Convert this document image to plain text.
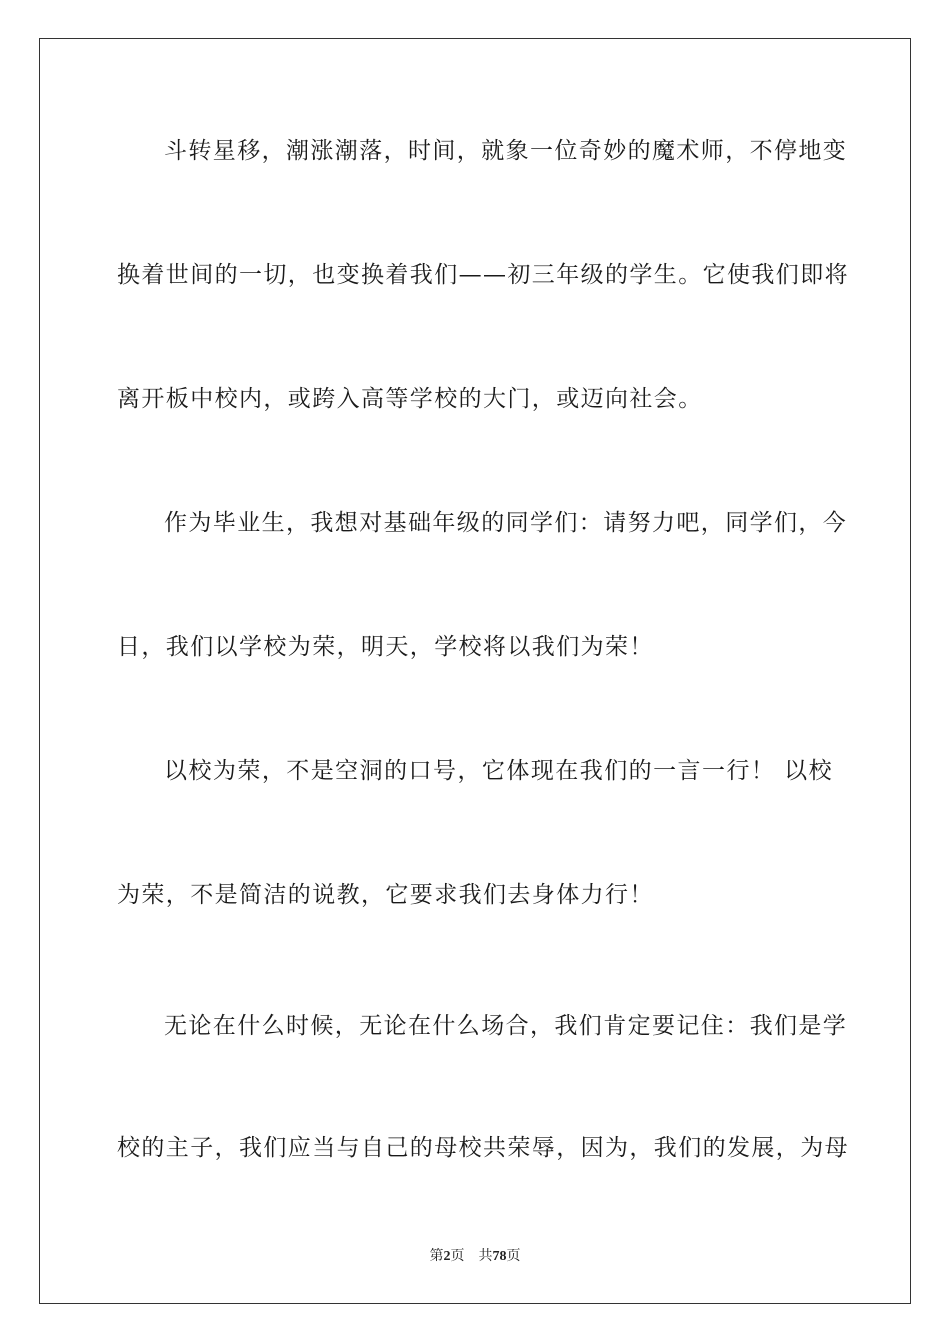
斗转星移，潮涨潮落，时间，就象一位奇妙的魔术师，不停地变
换着世间的一切，也变换着我们——初三年级的学生。它使我们即将
离开板中校内，或跨入高等学校的大门，或迈向社会。
作为毕业生，我想对基础年级的同学们：请努力吧，同学们，今
日，我们以学校为荣，明天，学校将以我们为荣！
以校为荣，不是空洞的口号，它体现在我们的一言一行！ 以校
为荣，不是简洁的说教，它要求我们去身体力行！
无论在什么时候，无论在什么场合，我们肯定要记住：我们是学
校的主子，我们应当与自己的母校共荣辱，因为，我们的发展，为母
第2页 共78页
